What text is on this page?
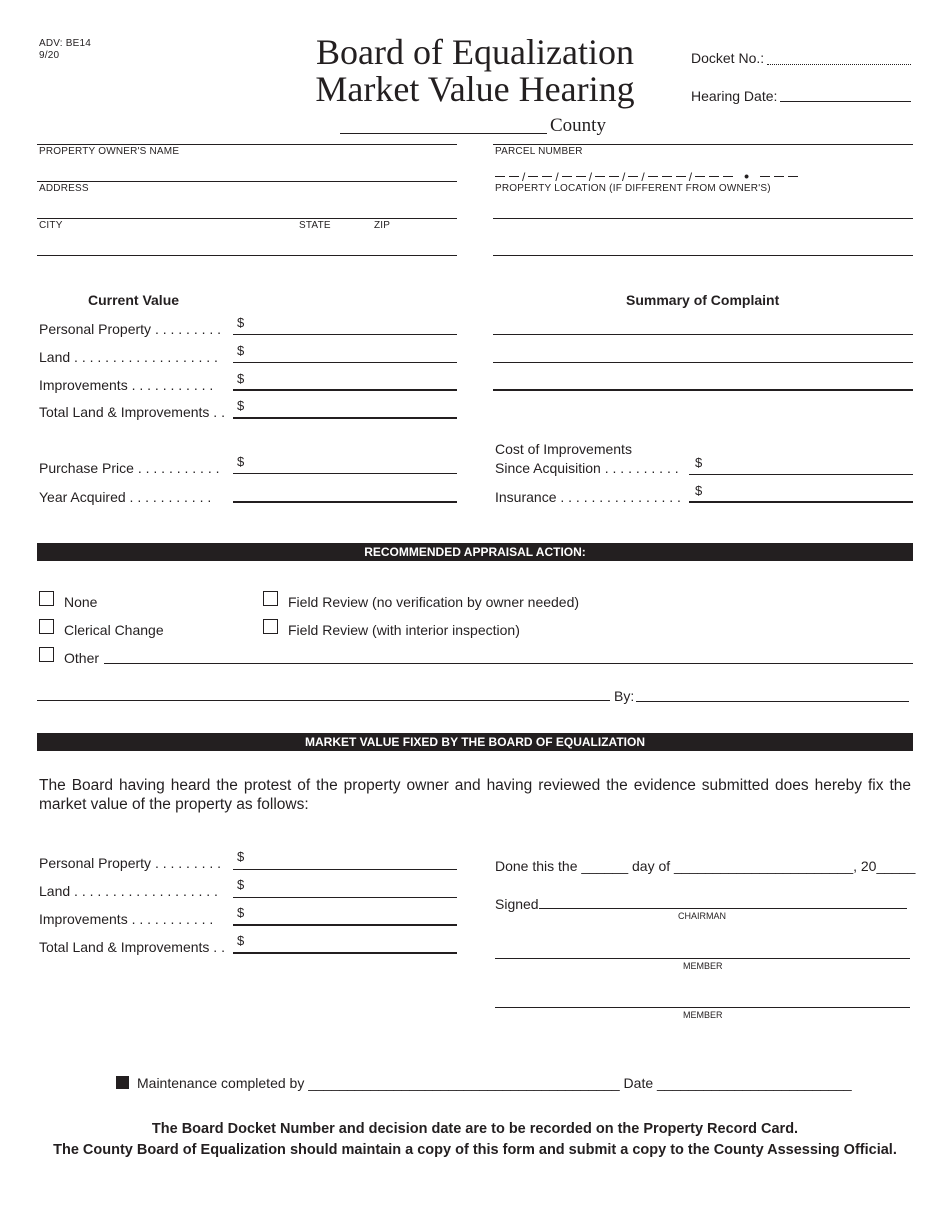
ADV: BE14
9/20	Board of Equalization
Market Value Hearing
County
Docket No.:
Hearing Date:
PROPERTY OWNER'S NAME
ADDRESS
CITY	STATE	ZIP
PARCEL NUMBER
/	/	/	/ /	/	•
PROPERTY LOCATION (IF DIFFERENT FROM OWNER'S)
Current Value
Personal Property . . . . . . . . . $
Land . . . . . . . . . . . . . . . . . . . $
Improvements . . . . . . . . . . . $
Total Land & Improvements . . $
Purchase Price . . . . . . . . . . . $
Year Acquired . . . . . . . . . . .
Summary of Complaint
Cost of Improvements
Since Acquisition . . . . . . . . . . $
Insurance . . . . . . . . . . . . . . . . $
RECOMMENDED APPRAISAL ACTION:
None
Clerical Change
Other
Field Review (no verification by owner needed)
Field Review (with interior inspection)
By:
MARKET VALUE FIXED BY THE BOARD OF EQUALIZATION
The Board having heard the protest of the property owner and having reviewed the evidence submitted does hereby fix the market value of the property as follows:
Personal Property . . . . . . . . . $
Land . . . . . . . . . . . . . . . . . . . $
Improvements . . . . . . . . . . . $
Total Land & Improvements . . $
Done this the ______ day of _______________________, 20_____
Signed
CHAIRMAN
MEMBER
MEMBER
Maintenance completed by ________________________________________ Date _________________________
The Board Docket Number and decision date are to be recorded on the Property Record Card.
The County Board of Equalization should maintain a copy of this form and submit a copy to the County Assessing Official.
